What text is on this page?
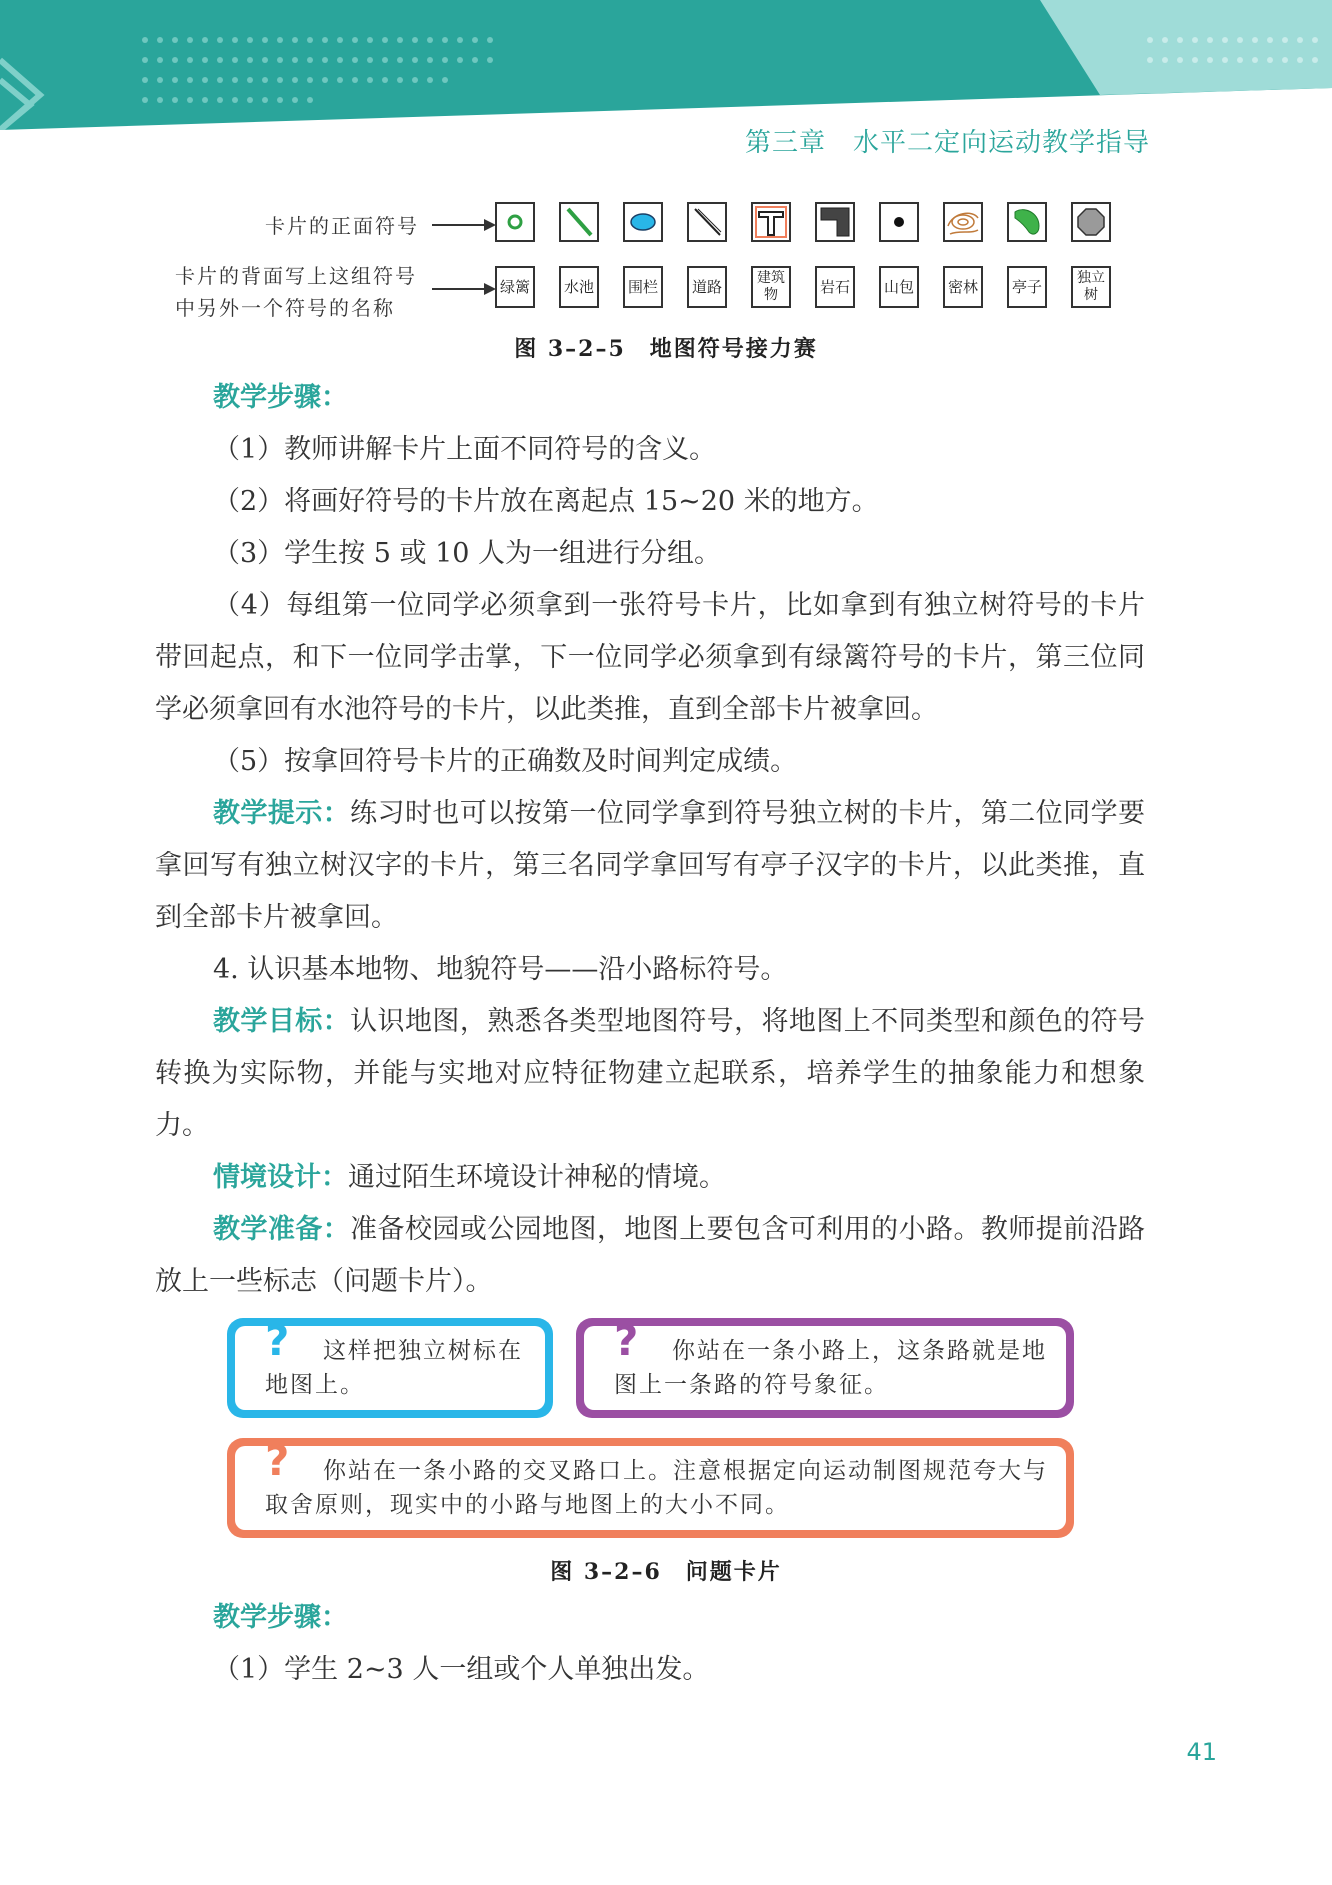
第三章　水平二定向运动教学指导
卡片的正面符号
卡片的背面写上这组符号
中另外一个符号的名称
绿篱	水池	围栏	道路	建筑物	岩石	山包	密林	亭子	独立树
图 3–2–5　地图符号接力赛
教学步骤：
（1）教师讲解卡片上面不同符号的含义。
（2）将画好符号的卡片放在离起点 15~20 米的地方。
（3）学生按 5 或 10 人为一组进行分组。
（4）每组第一位同学必须拿到一张符号卡片，比如拿到有独立树符号的卡片带回起点，和下一位同学击掌，下一位同学必须拿到有绿篱符号的卡片，第三位同学必须拿回有水池符号的卡片，以此类推，直到全部卡片被拿回。
（5）按拿回符号卡片的正确数及时间判定成绩。
教学提示：练习时也可以按第一位同学拿到符号独立树的卡片，第二位同学要拿回写有独立树汉字的卡片，第三名同学拿回写有亭子汉字的卡片，以此类推，直到全部卡片被拿回。
4. 认识基本地物、地貌符号——沿小路标符号。
教学目标：认识地图，熟悉各类型地图符号，将地图上不同类型和颜色的符号转换为实际物，并能与实地对应特征物建立起联系，培养学生的抽象能力和想象力。
情境设计：通过陌生环境设计神秘的情境。
教学准备：准备校园或公园地图，地图上要包含可利用的小路。教师提前沿路放上一些标志（问题卡片）。
?	这样把独立树标在地图上。
?	你站在一条小路上，这条路就是地图上一条路的符号象征。
?	你站在一条小路的交叉路口上。注意根据定向运动制图规范夸大与取舍原则，现实中的小路与地图上的大小不同。
图 3–2–6　问题卡片
教学步骤：
（1）学生 2~3 人一组或个人单独出发。
41
